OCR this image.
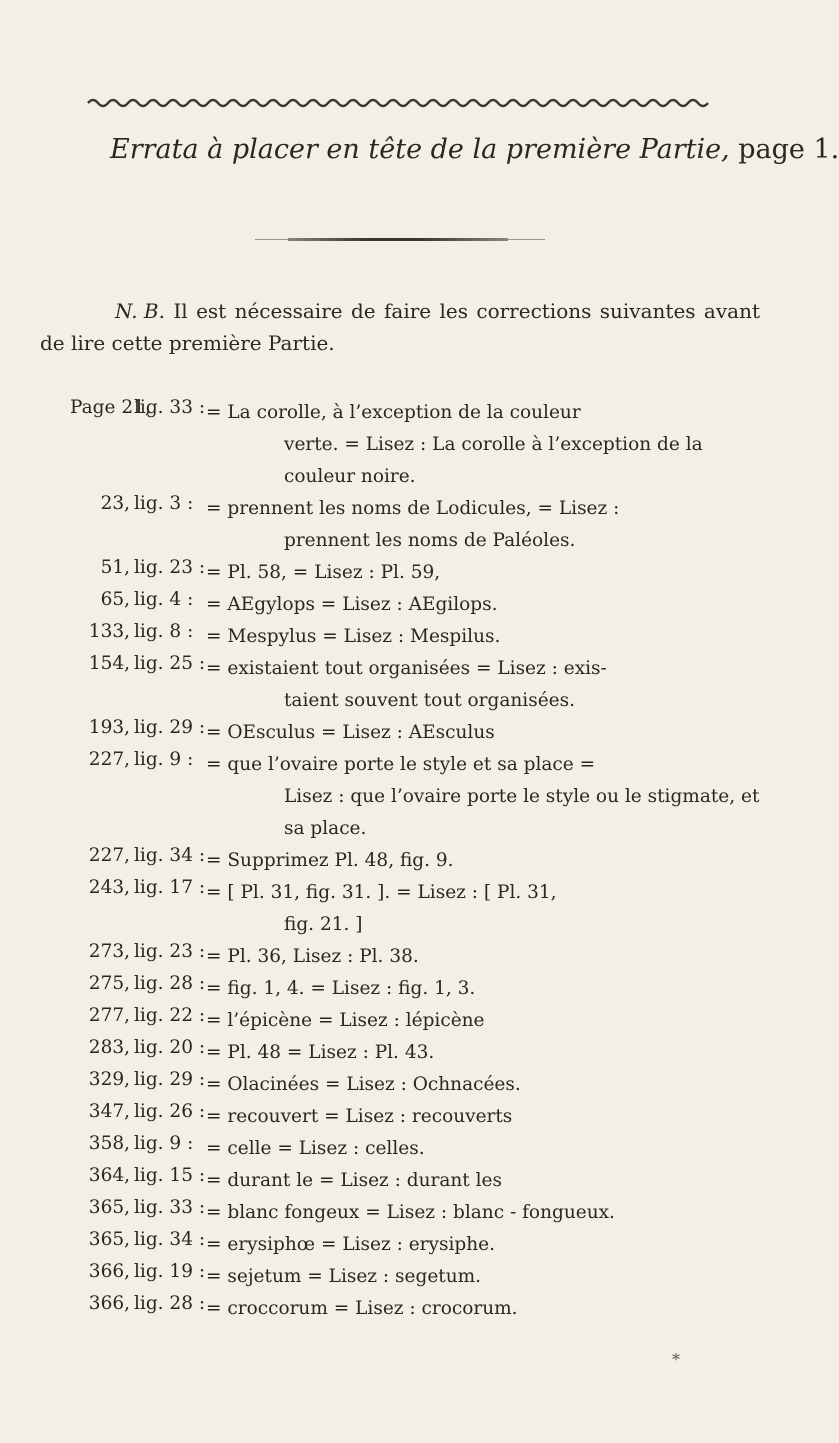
Errata à placer en tête de la première Partie, page 1.
N. B. Il est nécessaire de faire les corrections suivantes avant de lire cette première Partie.
Page 21,
lig. 33 : = La corolle, à l’exception de la couleur
verte. = Lisez : La corolle à l’exception de la couleur noire.
23, lig. 3 : = prennent les noms de Lodicules, = Lisez :
prennent les noms de Paléoles.
51, lig. 23 : = Pl. 58, = Lisez : Pl. 59,
65, lig. 4 : = AEgylops = Lisez : AEgilops.
133, lig. 8 : = Mespylus = Lisez : Mespilus.
154, lig. 25 : = existaient tout organisées = Lisez : exis-
taient souvent tout organisées.
193, lig. 29 : = OEsculus = Lisez : AEsculus
227, lig. 9 : = que l’ovaire porte le style et sa place =
Lisez : que l’ovaire porte le style ou le stigmate, et sa place.
227, lig. 34 : = Supprimez Pl. 48, fig. 9.
243, lig. 17 : = [ Pl. 31, fig. 31. ]. = Lisez : [ Pl. 31,
fig. 21. ]
273, lig. 23 : = Pl. 36, Lisez : Pl. 38.
275, lig. 28 : = fig. 1, 4. = Lisez : fig. 1, 3.
277, lig. 22 : = l’épicène = Lisez : lépicène
283, lig. 20 : = Pl. 48 = Lisez : Pl. 43.
329, lig. 29 : = Olacinées = Lisez : Ochnacées.
347, lig. 26 : = recouvert = Lisez : recouverts
358, lig. 9 : = celle = Lisez : celles.
364, lig. 15 : = durant le = Lisez : durant les
365, lig. 33 : = blanc fongeux = Lisez : blanc - fongueux.
365, lig. 34 : = erysiphœ = Lisez : erysiphe.
366, lig. 19 : = sejetum = Lisez : segetum.
366, lig. 28 : = croccorum = Lisez : crocorum.
*
